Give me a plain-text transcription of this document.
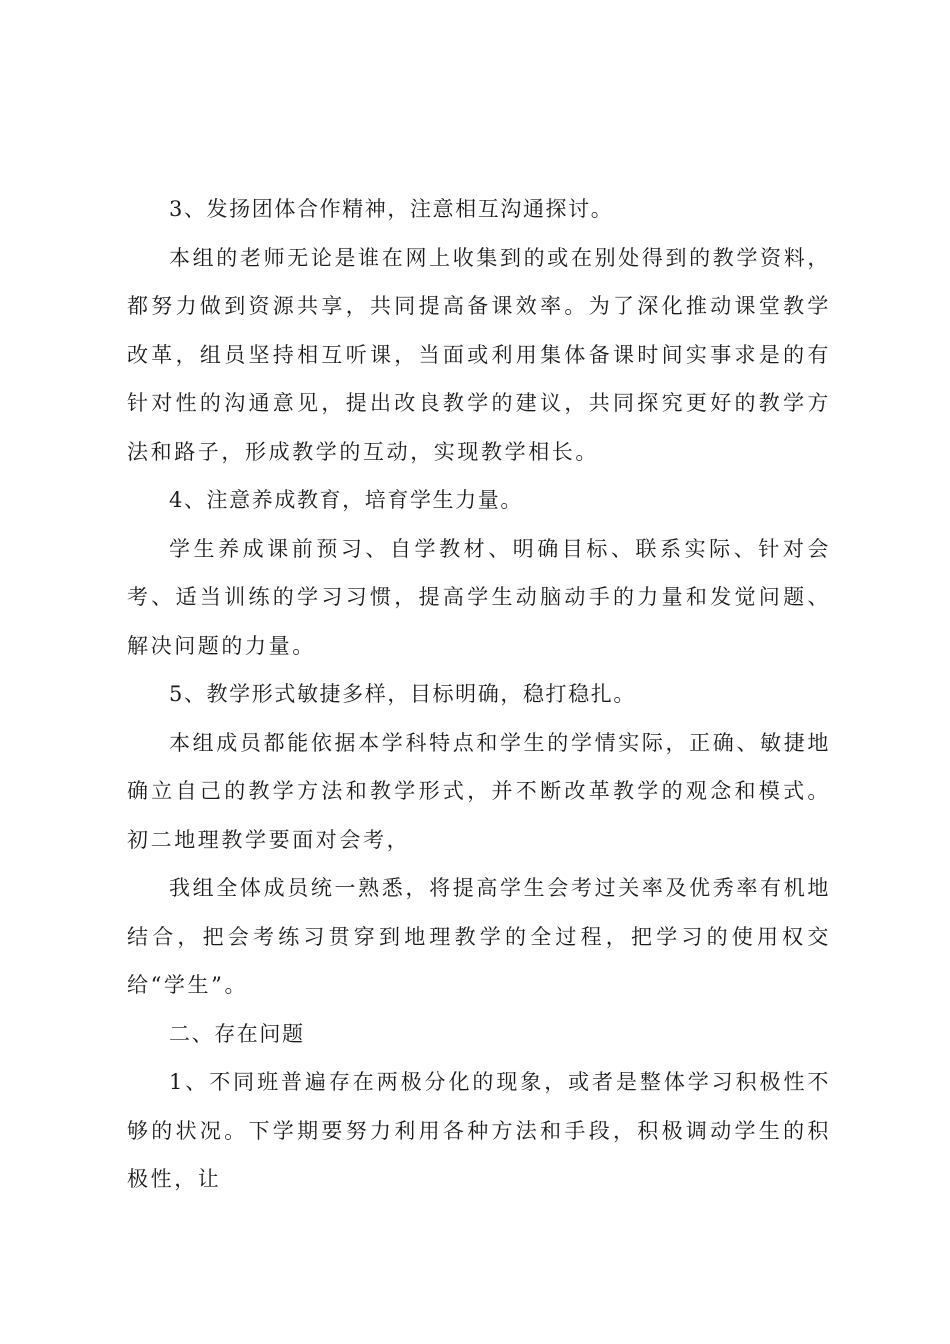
3、发扬团体合作精神，注意相互沟通探讨。

本组的老师无论是谁在网上收集到的或在别处得到的教学资料，都努力做到资源共享，共同提高备课效率。为了深化推动课堂教学改革，组员坚持相互听课，当面或利用集体备课时间实事求是的有针对性的沟通意见，提出改良教学的建议，共同探究更好的教学方法和路子，形成教学的互动，实现教学相长。

4、注意养成教育，培育学生力量。

学生养成课前预习、自学教材、明确目标、联系实际、针对会考、适当训练的学习习惯，提高学生动脑动手的力量和发觉问题、解决问题的力量。

5、教学形式敏捷多样，目标明确，稳打稳扎。

本组成员都能依据本学科特点和学生的学情实际，正确、敏捷地确立自己的教学方法和教学形式，并不断改革教学的观念和模式。初二地理教学要面对会考，

我组全体成员统一熟悉，将提高学生会考过关率及优秀率有机地结合，把会考练习贯穿到地理教学的全过程，把学习的使用权交给“学生”。

二、存在问题

1、不同班普遍存在两极分化的现象，或者是整体学习积极性不够的状况。下学期要努力利用各种方法和手段，积极调动学生的积极性，让
